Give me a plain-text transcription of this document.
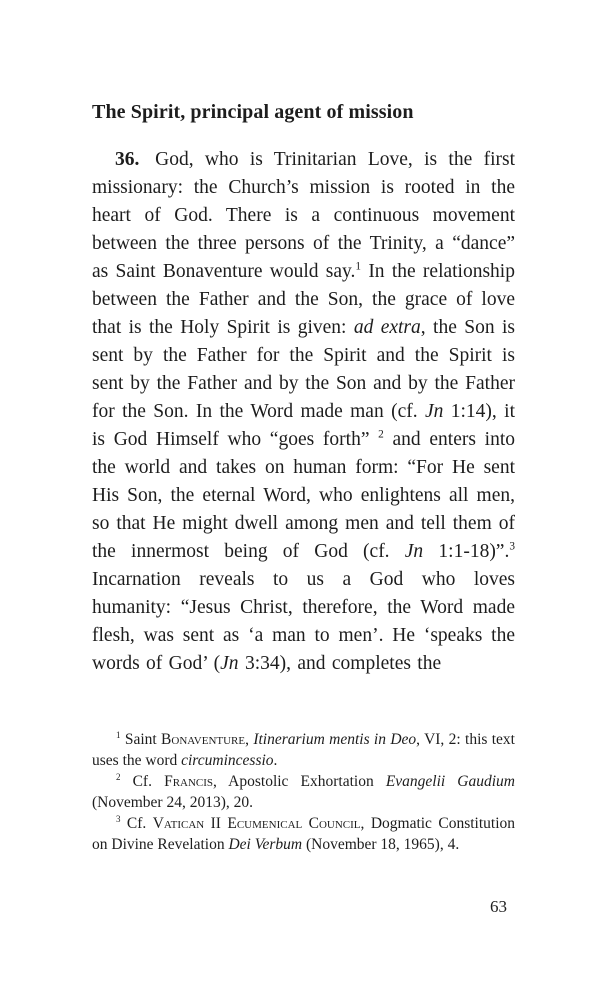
The Spirit, principal agent of mission

36. God, who is Trinitarian Love, is the first missionary: the Church’s mission is rooted in the heart of God. There is a continuous movement between the three persons of the Trinity, a “dance” as Saint Bonaventure would say.$^1$ In the relationship between the Father and the Son, the grace of love that is the Holy Spirit is given: ad extra, the Son is sent by the Father for the Spirit and the Spirit is sent by the Father and by the Son and by the Father for the Son. In the Word made man (cf. Jn 1:14), it is God Himself who “goes forth” $^2$ and enters into the world and takes on human form: “For He sent His Son, the eternal Word, who enlightens all men, so that He might dwell among men and tell them of the innermost being of God (cf. Jn 1:1-18)”.$^3$ Incarnation reveals to us a God who loves humanity: “Jesus Christ, therefore, the Word made flesh, was sent as ‘a man to men’. He ‘speaks the words of God’ (Jn 3:34), and completes the

$^1$ Saint Bonaventure, Itinerarium mentis in Deo, VI, 2: this text uses the word circumincessio.

$^2$ Cf. Francis, Apostolic Exhortation Evangelii Gaudium (November 24, 2013), 20.

$^3$ Cf. Vatican II Ecumenical Council, Dogmatic Constitution on Divine Revelation Dei Verbum (November 18, 1965), 4.

63
